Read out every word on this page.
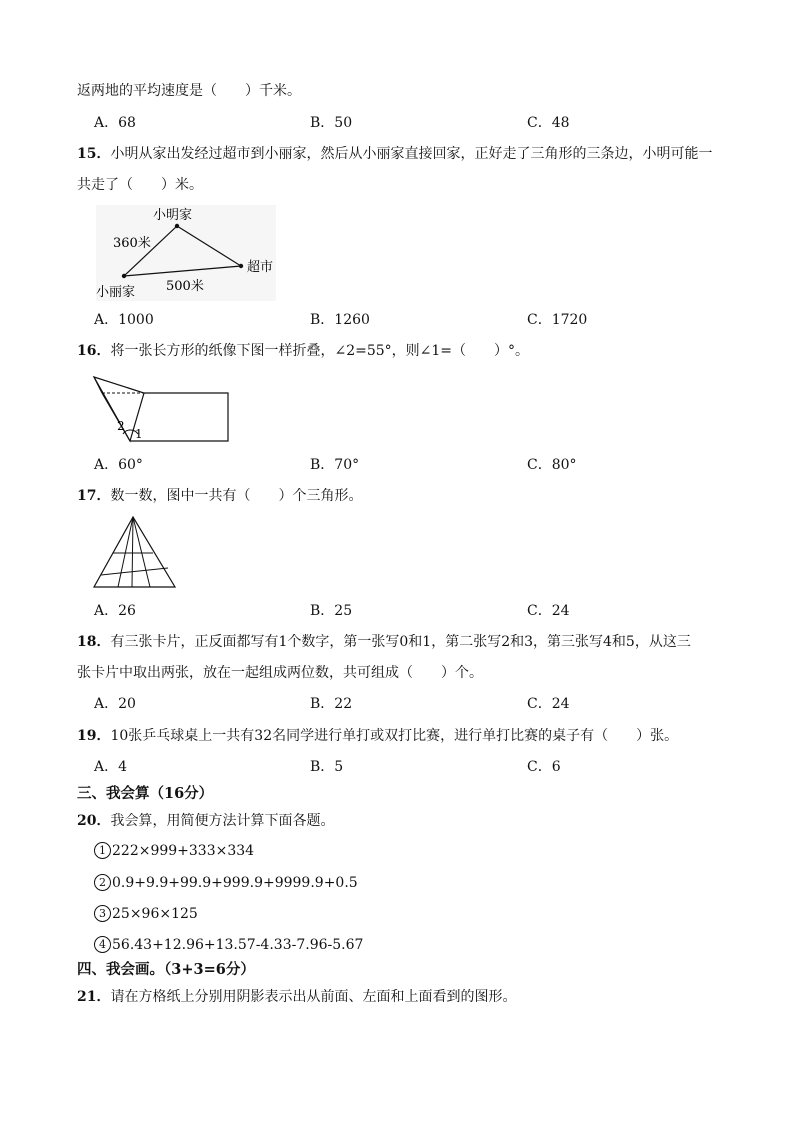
返两地的平均速度是（　　）千米。
A．68	B．50	C．48
15．小明从家出发经过超市到小丽家，然后从小丽家直接回家，正好走了三角形的三条边，小明可能一
共走了（　　）米。
小明家
超市
小丽家
360米
500米
A．1000	B．1260	C．1720
16．将一张长方形的纸像下图一样折叠，∠2=55°，则∠1=（　　）°。
2
1
A．60°	B．70°	C．80°
17．数一数，图中一共有（　　）个三角形。
A．26	B．25	C．24
18．有三张卡片，正反面都写有1个数字，第一张写0和1，第二张写2和3，第三张写4和5，从这三
张卡片中取出两张，放在一起组成两位数，共可组成（　　）个。
A．20	B．22	C．24
19．10张乒乓球桌上一共有32名同学进行单打或双打比赛，进行单打比赛的桌子有（　　）张。
A．4	B．5	C．6
三、我会算（16分）
20．我会算，用简便方法计算下面各题。
1 222×999+333×334
2 0.9+9.9+99.9+999.9+9999.9+0.5
3 25×96×125
4 56.43+12.96+13.57-4.33-7.96-5.67
四、我会画。（3+3=6分）
21．请在方格纸上分别用阴影表示出从前面、左面和上面看到的图形。
